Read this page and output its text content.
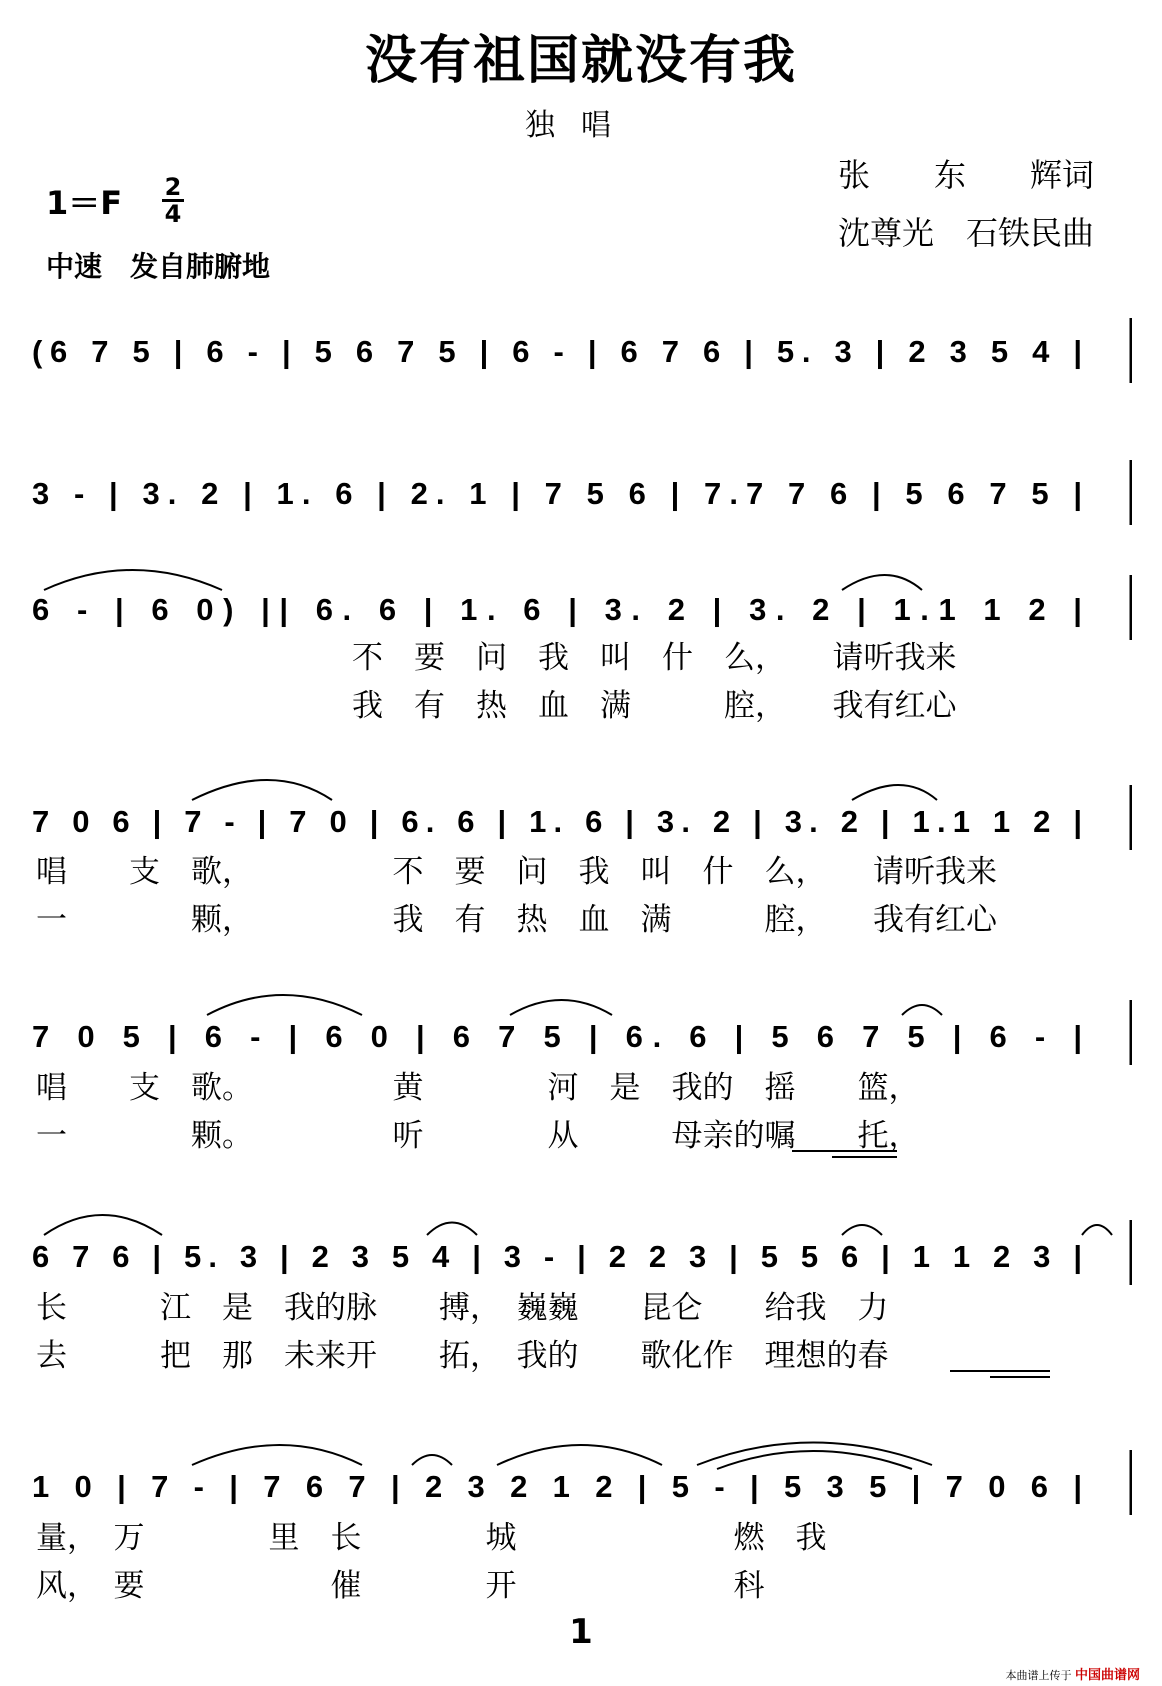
没有祖国就没有我
独唱
1＝F 2
4
中速　发自肺腑地
张　　东　　辉词
沈尊光　石铁民曲
(6 7 5 | 6 - | 5 6 7 5 | 6 - | 6 7 6 | 5. 3 | 2 3 5 4 |
3 - | 3. 2 | 1. 6 | 2. 1 | 7 5 6 | 7.7 7 6 | 5 6 7 5 |
6 - | 6 0) || 6. 6 | 1. 6 | 3. 2 | 3. 2 | 1.1 1 2 |
不　要　问　我　叫　什　么，　　请听我来
我　有　热　血　满　　　腔，　　我有红心
7 0 6 | 7 - | 7 0 | 6. 6 | 1. 6 | 3. 2 | 3. 2 | 1.1 1 2 |
唱　　支　歌，　　　　　不　要　问　我　叫　什　么，　　请听我来
一　　　　颗，　　　　　我　有　热　血　满　　　腔，　　我有红心
7 0 5 | 6 - | 6 0 | 6 7 5 | 6. 6 | 5 6 7 5 | 6 - |
唱　　支　歌。　　　　　黄　　　　河　是　我的　摇　　篮，
一　　　　颗。　　　　　听　　　　从　　　母亲的嘱　　托，
6 7 6 | 5. 3 | 2 3 5 4 | 3 - | 2 2 3 | 5 5 6 | 1 1 2 3 |
长　　　江　是　我的脉　　搏，　巍巍　　昆仑　　给我　力
去　　　把　那　未来开　　拓，　我的　　歌化作　理想的春
1 0 | 7 - | 7 6 7 | 2 3 2 1 2 | 5 - | 5 3 5 | 7 0 6 |
量，　万　　　　里　长　　　　城　　　　　　　燃　我
风，　要　　　　　　催　　　　开　　　　　　　科
1
本曲谱上传于 中国曲谱网
